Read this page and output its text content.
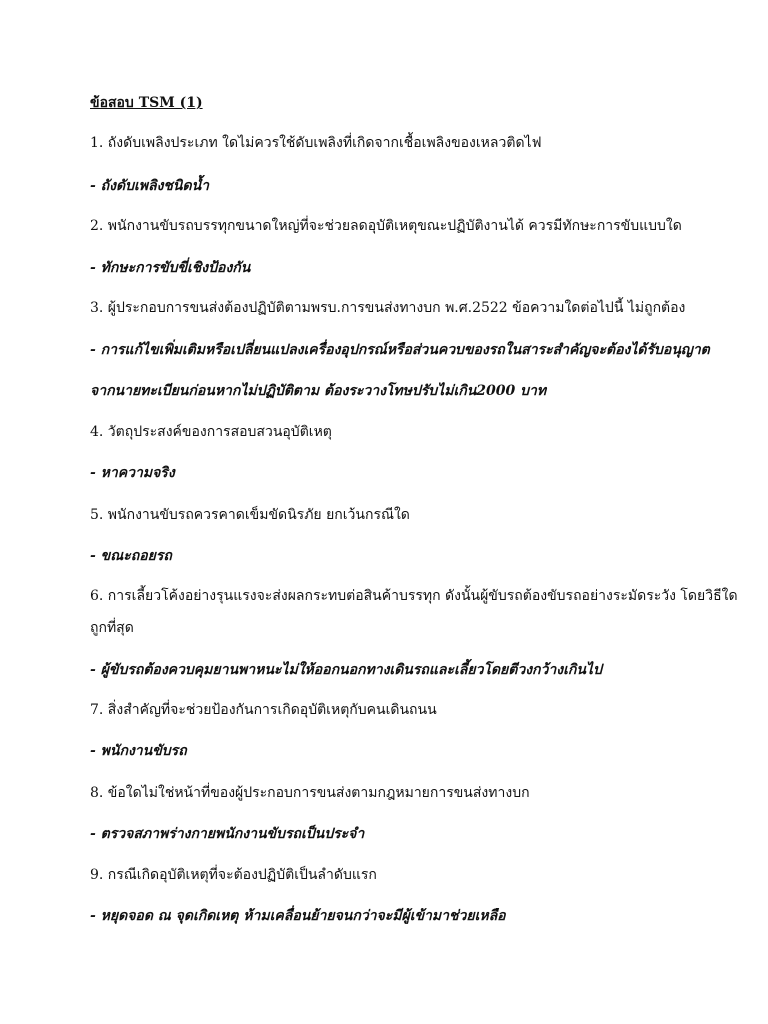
ข้อสอบ TSM (1)
1. ถังดับเพลิงประเภท ใดไม่ควรใช้ดับเพลิงที่เกิดจากเชื้อเพลิงของเหลวติดไฟ
- ถังดับเพลิงชนิดน้ำ
2. พนักงานขับรถบรรทุกขนาดใหญ่ที่จะช่วยลดอุบัติเหตุขณะปฏิบัติงานได้ ควรมีทักษะการขับแบบใด
- ทักษะการขับขี่เชิงป้องกัน
3. ผู้ประกอบการขนส่งต้องปฏิบัติตามพรบ.การขนส่งทางบก พ.ศ.2522 ข้อความใดต่อไปนี้ ไม่ถูกต้อง
- การแก้ไขเพิ่มเติมหรือเปลี่ยนแปลงเครื่องอุปกรณ์หรือส่วนควบของรถในสาระสำคัญจะต้องได้รับอนุญาต
จากนายทะเบียนก่อนหากไม่ปฏิบัติตาม ต้องระวางโทษปรับไม่เกิน2000 บาท
4. วัตถุประสงค์ของการสอบสวนอุบัติเหตุ
- หาความจริง
5. พนักงานขับรถควรคาดเข็มขัดนิรภัย ยกเว้นกรณีใด
- ขณะถอยรถ
6. การเลี้ยวโค้งอย่างรุนแรงจะส่งผลกระทบต่อสินค้าบรรทุก ดังนั้นผู้ขับรถต้องขับรถอย่างระมัดระวัง โดยวิธีใด
ถูกที่สุด
- ผู้ขับรถต้องควบคุมยานพาหนะไม่ให้ออกนอกทางเดินรถและเลี้ยวโดยตีวงกว้างเกินไป
7. สิ่งสำคัญที่จะช่วยป้องกันการเกิดอุบัติเหตุกับคนเดินถนน
- พนักงานขับรถ
8. ข้อใดไม่ใช่หน้าที่ของผู้ประกอบการขนส่งตามกฎหมายการขนส่งทางบก
- ตรวจสภาพร่างกายพนักงานขับรถเป็นประจำ
9. กรณีเกิดอุบัติเหตุที่จะต้องปฏิบัติเป็นลำดับแรก
- หยุดจอด ณ จุดเกิดเหตุ ห้ามเคลื่อนย้ายจนกว่าจะมีผู้เข้ามาช่วยเหลือ
